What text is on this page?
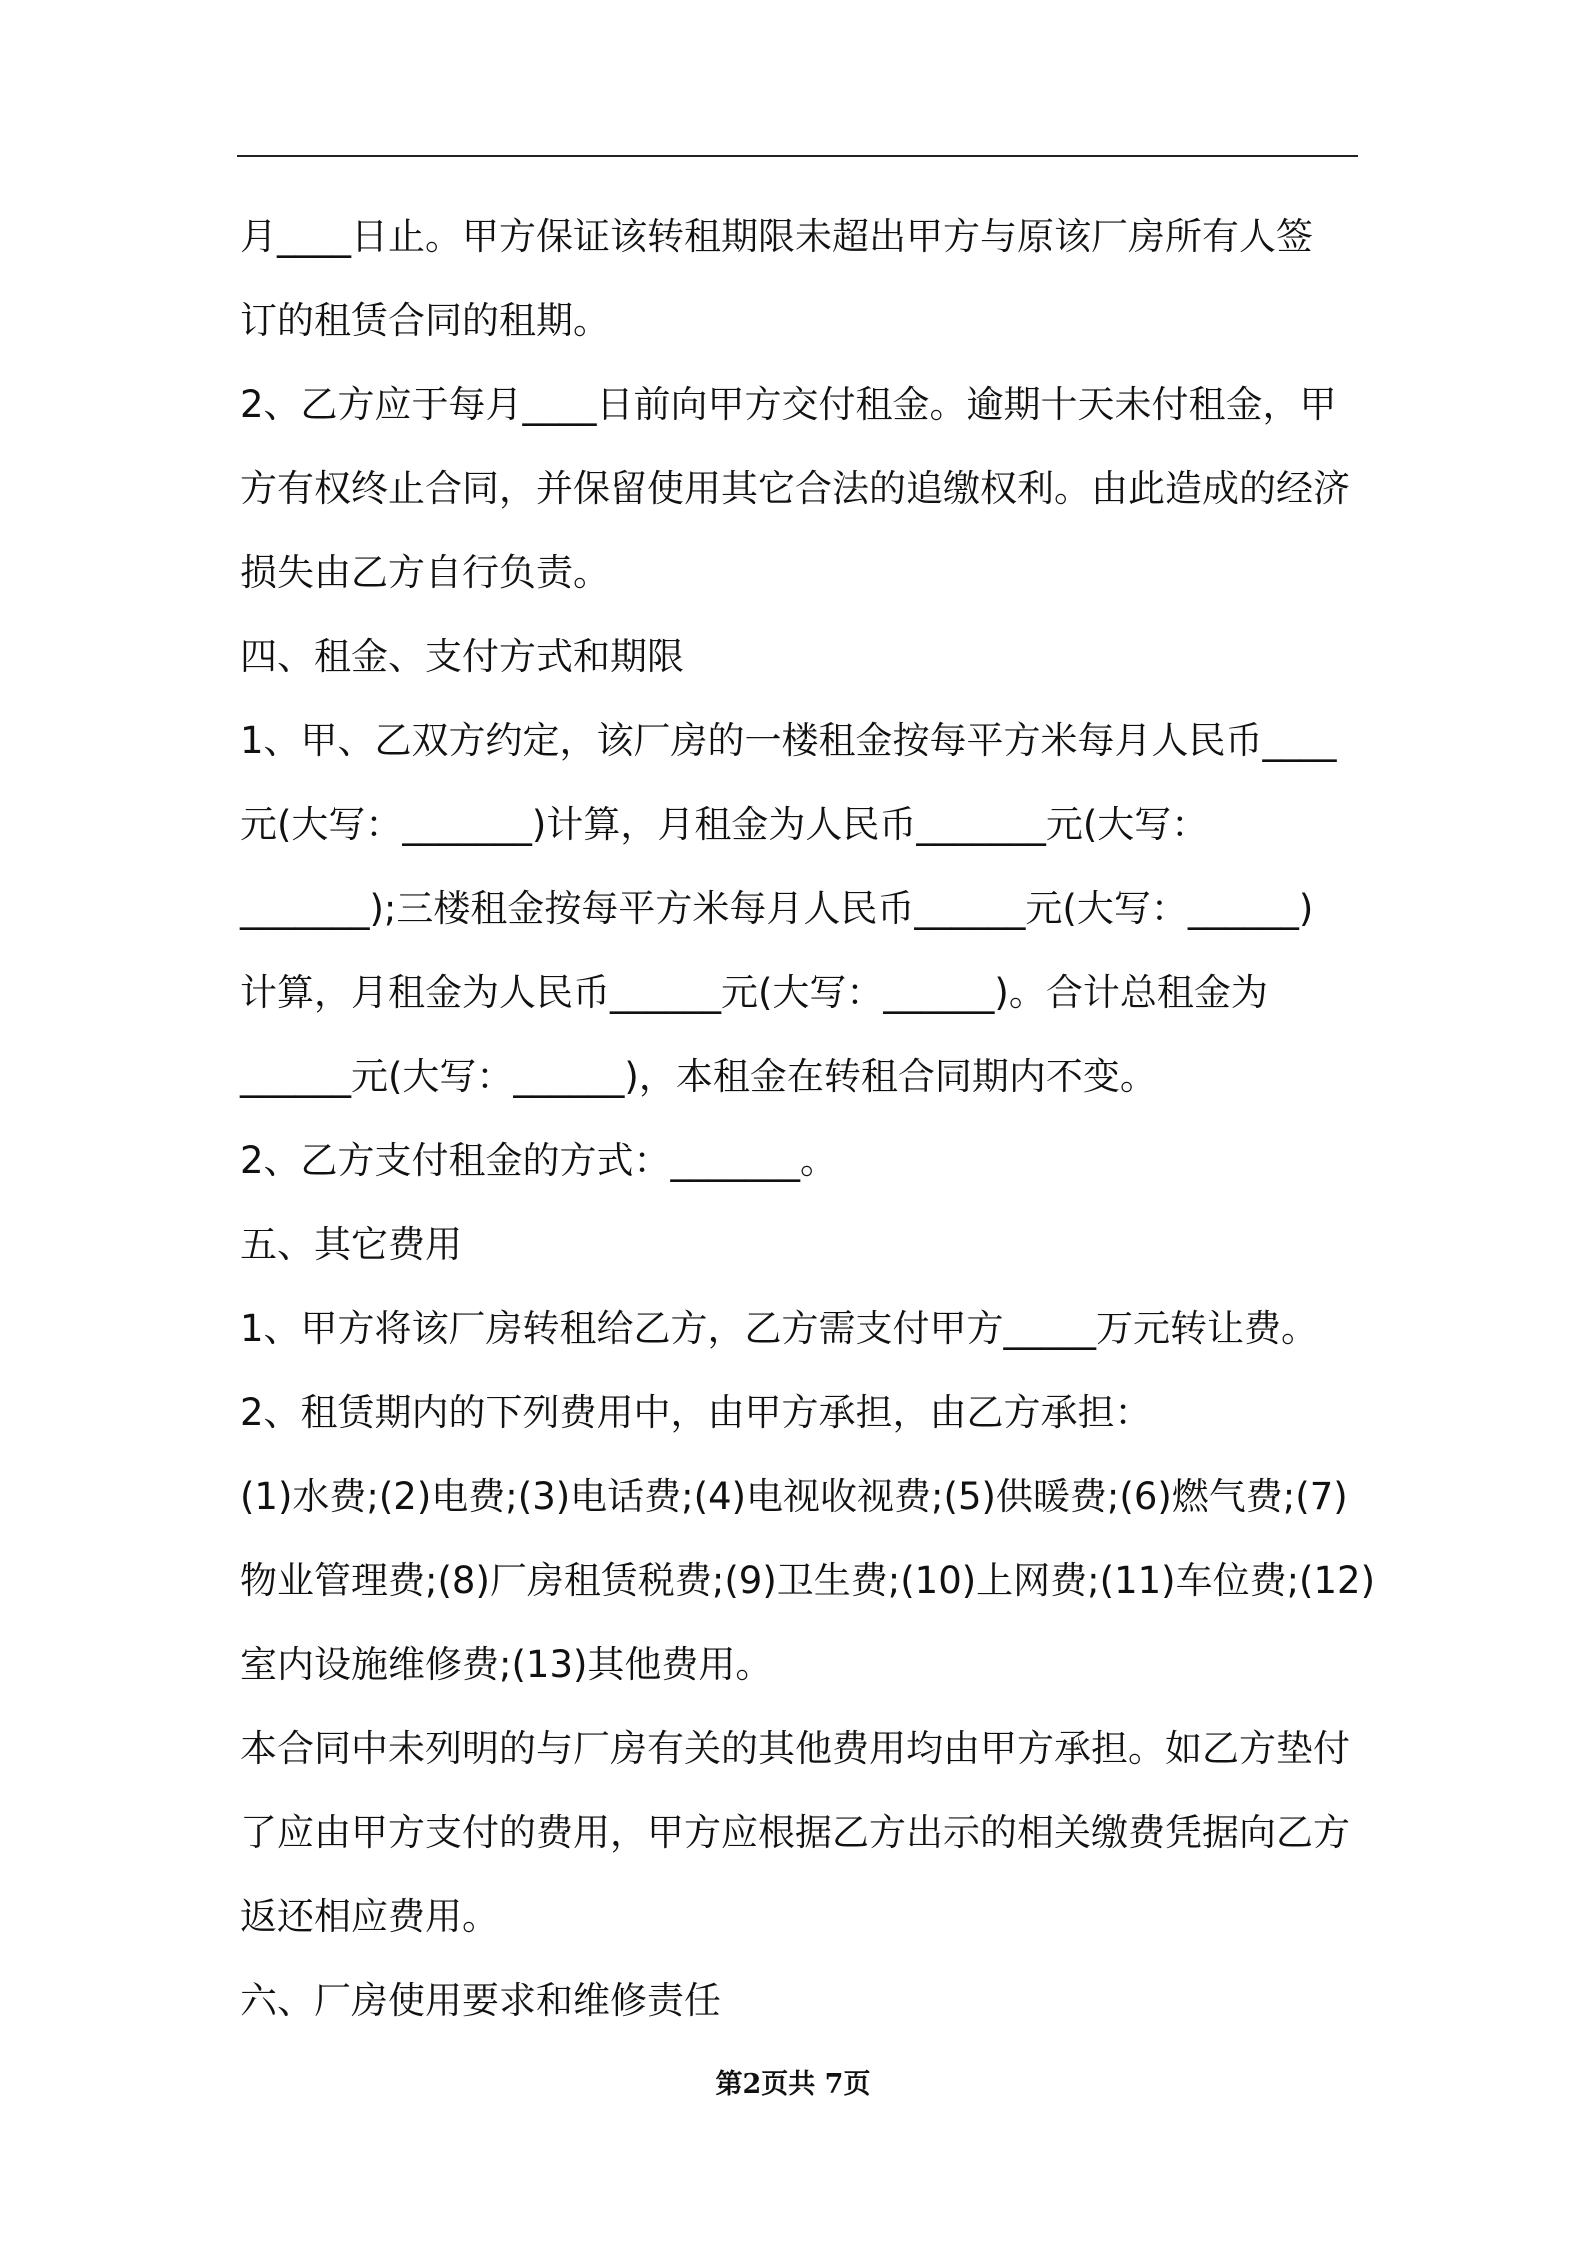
月____日止。甲方保证该转租期限未超出甲方与原该厂房所有人签
订的租赁合同的租期。
2、乙方应于每月____日前向甲方交付租金。逾期十天未付租金，甲
方有权终止合同，并保留使用其它合法的追缴权利。由此造成的经济
损失由乙方自行负责。
四、租金、支付方式和期限
1、甲、乙双方约定，该厂房的一楼租金按每平方米每月人民币____
元(大写：_______)计算，月租金为人民币_______元(大写：
_______);三楼租金按每平方米每月人民币______元(大写：______)
计算，月租金为人民币______元(大写：______)。合计总租金为
______元(大写：______)，本租金在转租合同期内不变。
2、乙方支付租金的方式：_______。
五、其它费用
1、甲方将该厂房转租给乙方，乙方需支付甲方_____万元转让费。
2、租赁期内的下列费用中，由甲方承担，由乙方承担：
(1)水费;(2)电费;(3)电话费;(4)电视收视费;(5)供暖费;(6)燃气费;(7)
物业管理费;(8)厂房租赁税费;(9)卫生费;(10)上网费;(11)车位费;(12)
室内设施维修费;(13)其他费用。
本合同中未列明的与厂房有关的其他费用均由甲方承担。如乙方垫付
了应由甲方支付的费用，甲方应根据乙方出示的相关缴费凭据向乙方
返还相应费用。
六、厂房使用要求和维修责任
第2页共 7页
